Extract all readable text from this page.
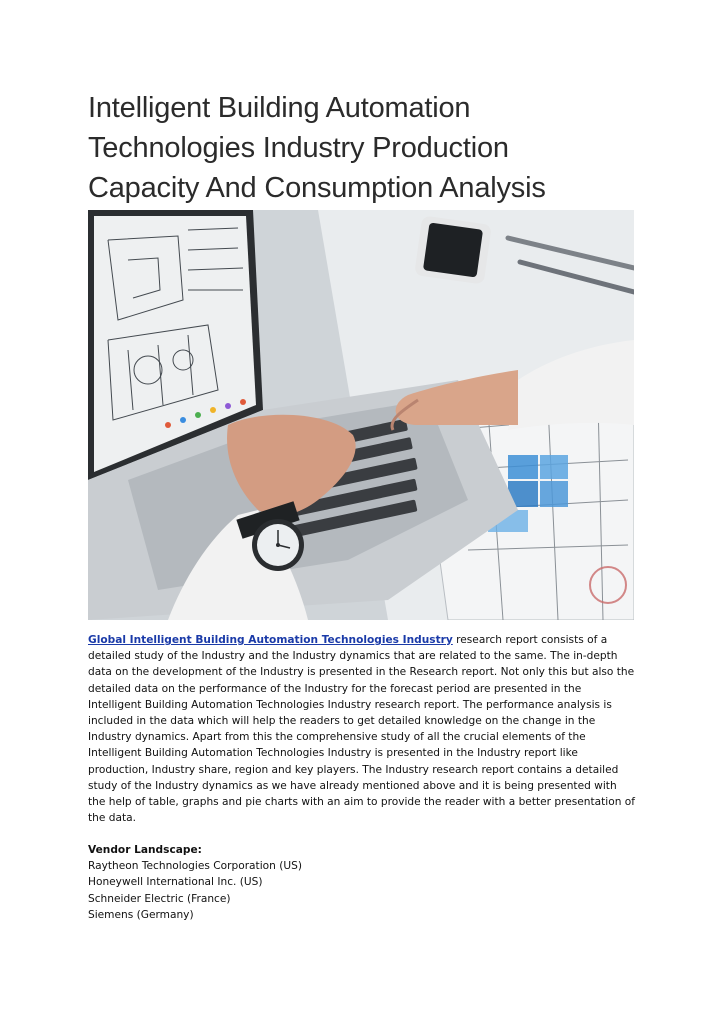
Intelligent Building Automation
Technologies Industry Production
Capacity And Consumption Analysis
Global Intelligent Building Automation Technologies Industry research report consists of a detailed study of the Industry and the Industry dynamics that are related to the same. The in-depth data on the development of the Industry is presented in the Research report. Not only this but also the detailed data on the performance of the Industry for the forecast period are presented in the Intelligent Building Automation Technologies Industry research report. The performance analysis is included in the data which will help the readers to get detailed knowledge on the change in the Industry dynamics. Apart from this the comprehensive study of all the crucial elements of the Intelligent Building Automation Technologies Industry is presented in the Industry report like production, Industry share, region and key players. The Industry research report contains a detailed study of the Industry dynamics as we have already mentioned above and it is being presented with the help of table, graphs and pie charts with an aim to provide the reader with a better presentation of the data.
Vendor Landscape:
Raytheon Technologies Corporation (US)
Honeywell International Inc. (US)
Schneider Electric (France)
Siemens (Germany)
